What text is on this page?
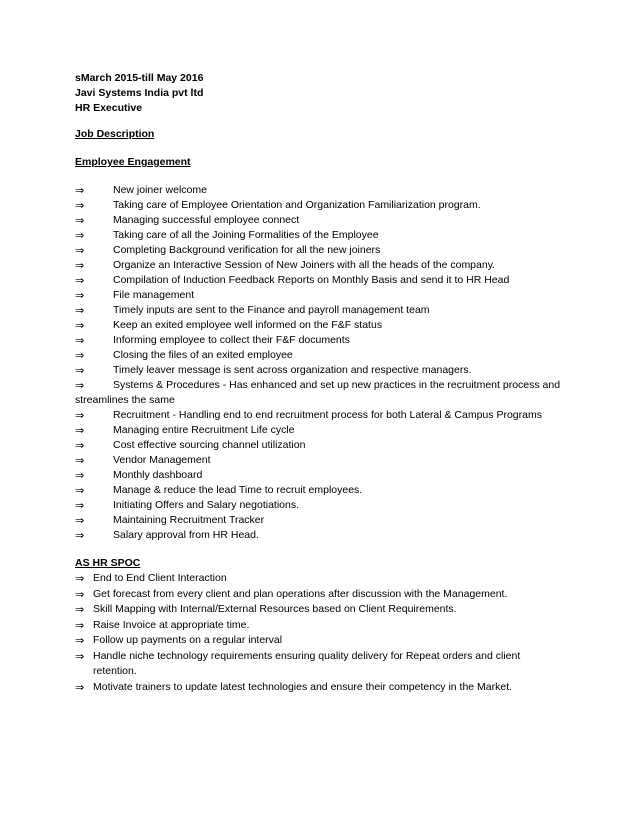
sMarch 2015-till May 2016
Javi Systems India pvt ltd
HR Executive
Job Description
Employee Engagement
⇒	New joiner welcome
⇒	Taking care of Employee Orientation and Organization Familiarization program.
⇒	Managing successful employee connect
⇒	Taking care of all the Joining Formalities of the Employee
⇒	Completing Background verification for all the new joiners
⇒	Organize an Interactive Session of New Joiners with all the heads of the company.
⇒	Compilation of Induction Feedback Reports on Monthly Basis and send it to HR Head
⇒	File management
⇒	Timely inputs are sent to the Finance and payroll management team
⇒	Keep an exited employee well informed on the F&F status
⇒	Informing employee to collect their F&F documents
⇒	Closing the files of an exited employee
⇒	Timely leaver message is sent across organization and respective managers.
⇒	Systems & Procedures - Has enhanced and set up new practices in the recruitment process and streamlines the same
⇒	Recruitment - Handling end to end recruitment process for both Lateral & Campus Programs
⇒	Managing entire Recruitment Life cycle
⇒	Cost effective sourcing channel utilization
⇒	Vendor Management
⇒	Monthly dashboard
⇒	Manage & reduce the lead Time to recruit employees.
⇒	Initiating Offers and Salary negotiations.
⇒	Maintaining Recruitment Tracker
⇒	Salary approval from HR Head.
AS HR SPOC
⇒ End to End Client Interaction
⇒ Get forecast from every client and plan operations after discussion with the Management.
⇒ Skill Mapping with Internal/External Resources based on Client Requirements.
⇒ Raise Invoice at appropriate time.
⇒ Follow up payments on a regular interval
⇒ Handle niche technology requirements ensuring quality delivery for Repeat orders and client retention.
⇒ Motivate trainers to update latest technologies and ensure their competency in the Market.
